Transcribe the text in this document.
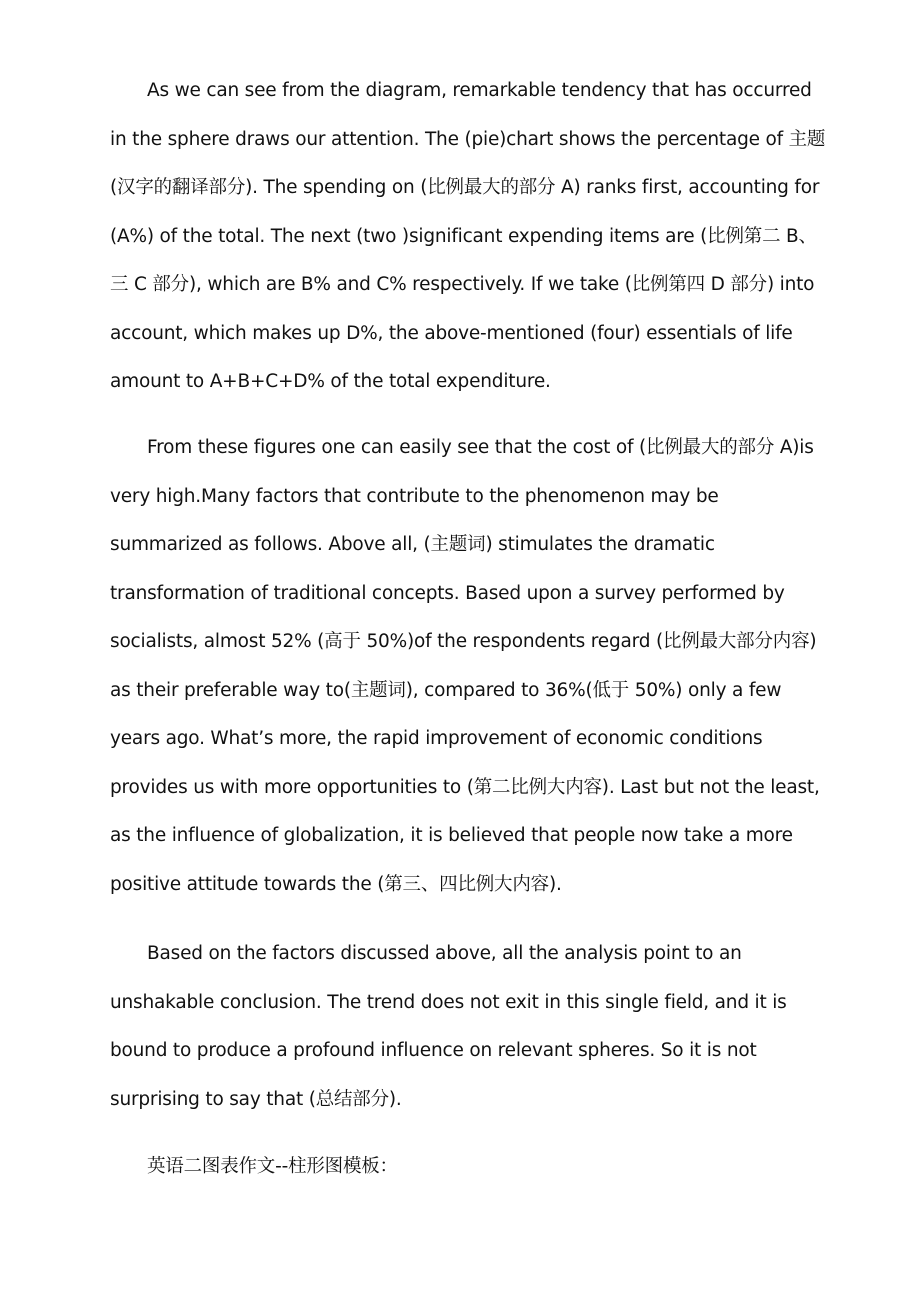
As we can see from the diagram, remarkable tendency that has occurred
in the sphere draws our attention. The (pie)chart shows the percentage of 主题
(汉字的翻译部分). The spending on (比例最大的部分 A) ranks first, accounting for
(A%) of the total. The next (two )significant expending items are (比例第二 B、
三 C 部分), which are B% and C% respectively. If we take (比例第四 D 部分) into
account, which makes up D%, the above-mentioned (four) essentials of life
amount to A+B+C+D% of the total expenditure.

From these figures one can easily see that the cost of (比例最大的部分 A)is
very high.Many factors that contribute to the phenomenon may be
summarized as follows. Above all, (主题词) stimulates the dramatic
transformation of traditional concepts. Based upon a survey performed by
socialists, almost 52% (高于 50%)of the respondents regard (比例最大部分内容)
as their preferable way to(主题词), compared to 36%(低于 50%) only a few
years ago. What’s more, the rapid improvement of economic conditions
provides us with more opportunities to (第二比例大内容). Last but not the least,
as the influence of globalization, it is believed that people now take a more
positive attitude towards the (第三、四比例大内容).

Based on the factors discussed above, all the analysis point to an
unshakable conclusion. The trend does not exit in this single field, and it is
bound to produce a profound influence on relevant spheres. So it is not
surprising to say that (总结部分).

英语二图表作文--柱形图模板：
